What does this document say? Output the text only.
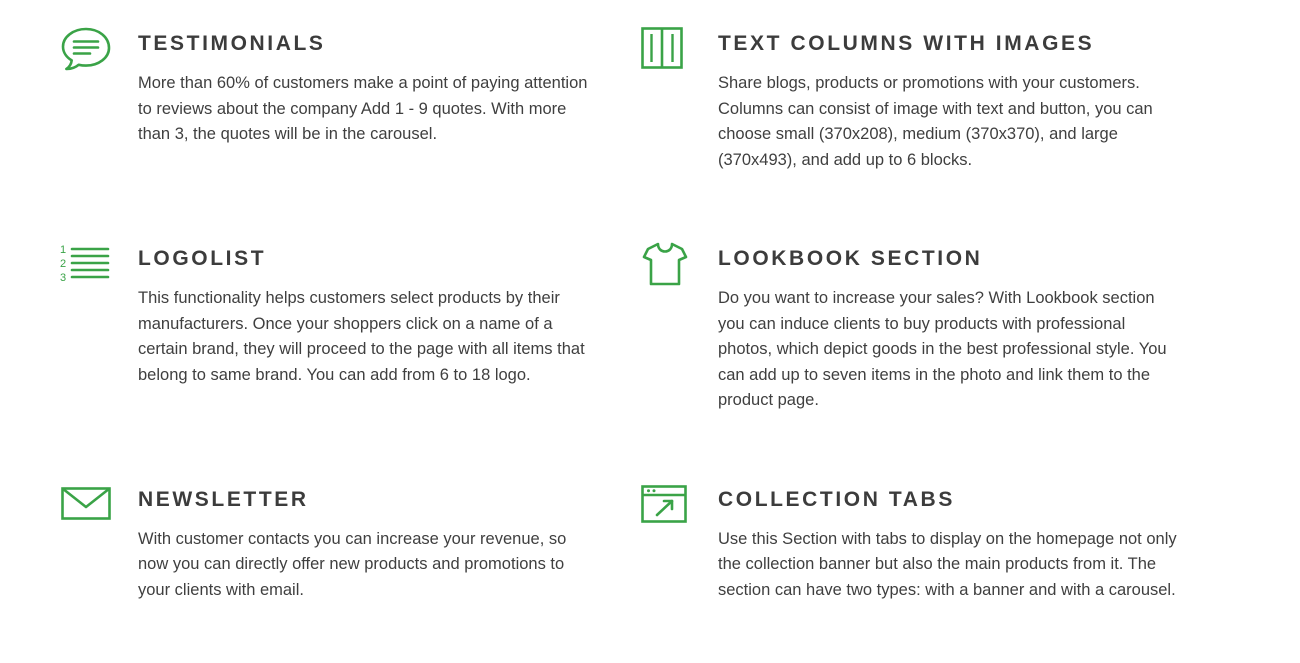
TESTIMONIALS
More than 60% of customers make a point of paying attention to reviews about the company Add 1 - 9 quotes. With more than 3, the quotes will be in the carousel.
TEXT COLUMNS WITH IMAGES
Share blogs, products or promotions with your customers. Columns can consist of image with text and button, you can choose small (370x208), medium (370x370), and large (370x493), and add up to 6 blocks.
1
2
3
LOGOLIST
This functionality helps customers select products by their manufacturers. Once your shoppers click on a name of a certain brand, they will proceed to the page with all items that belong to same brand. You can add from 6 to 18 logo.
LOOKBOOK SECTION
Do you want to increase your sales? With Lookbook section you can induce clients to buy products with professional photos, which depict goods in the best professional style. You can add up to seven items in the photo and link them to the product page.
NEWSLETTER
With customer contacts you can increase your revenue, so now you can directly offer new products and promotions to your clients with email.
COLLECTION TABS
Use this Section with tabs to display on the homepage not only the collection banner but also the main products from it. The section can have two types: with a banner and with a carousel.
